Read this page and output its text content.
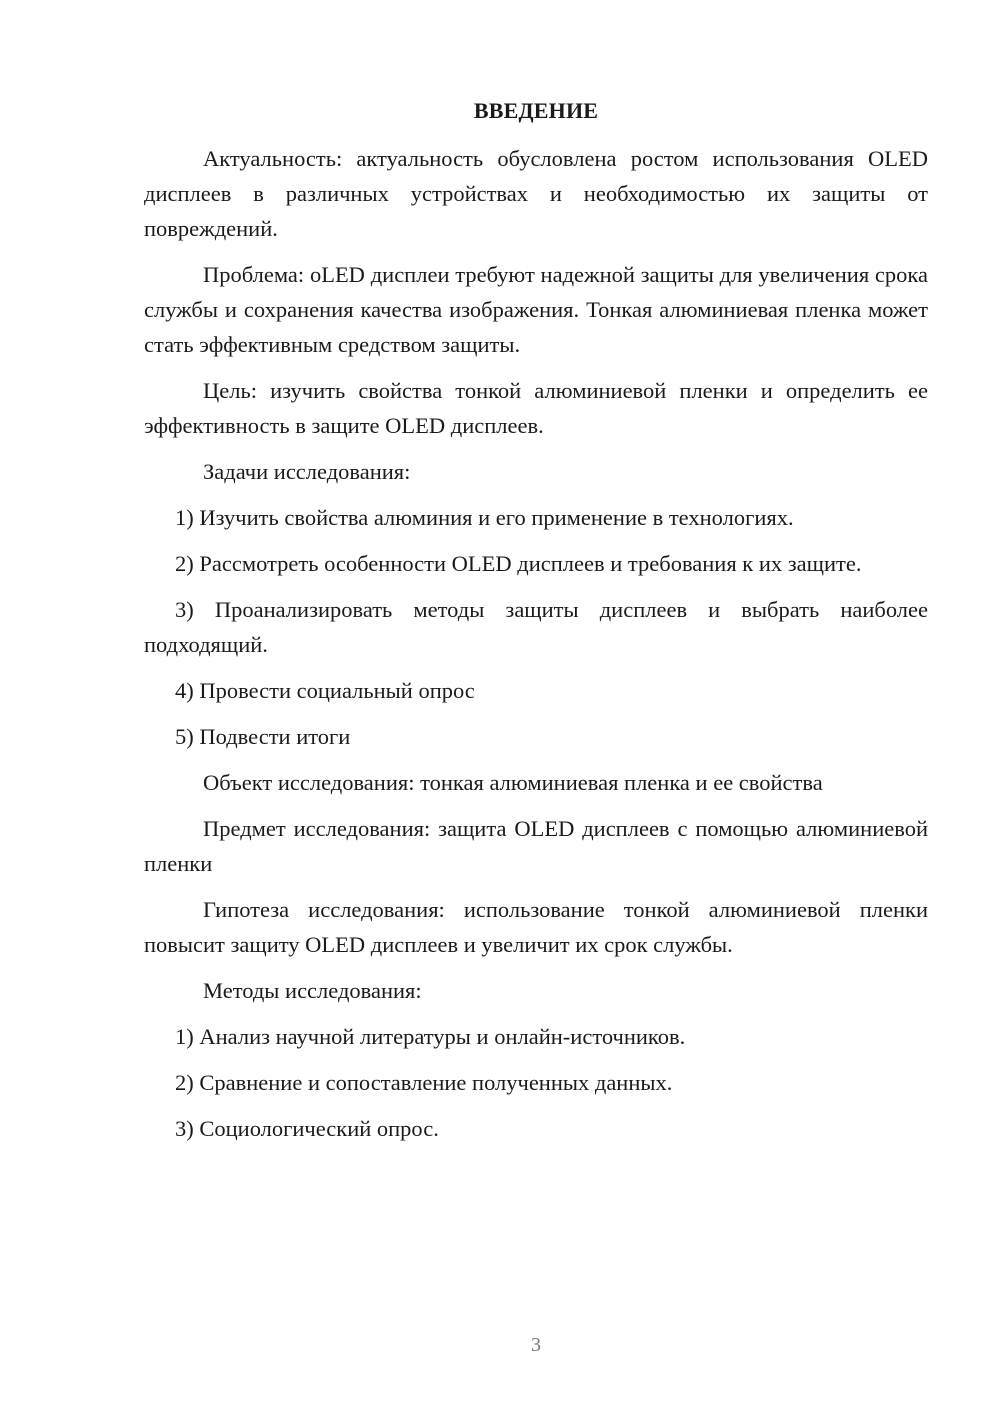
ВВЕДЕНИЕ

Актуальность: актуальность обусловлена ростом использования OLED дисплеев в различных устройствах и необходимостью их защиты от повреждений.

Проблема: oLED дисплеи требуют надежной защиты для увеличения срока службы и сохранения качества изображения. Тонкая алюминиевая пленка может стать эффективным средством защиты.

Цель: изучить свойства тонкой алюминиевой пленки и определить ее эффективность в защите OLED дисплеев.

Задачи исследования:

1) Изучить свойства алюминия и его применение в технологиях.

2) Рассмотреть особенности OLED дисплеев и требования к их защите.

3) Проанализировать методы защиты дисплеев и выбрать наиболее подходящий.

4) Провести социальный опрос

5) Подвести итоги

Объект исследования: тонкая алюминиевая пленка и ее свойства

Предмет исследования: защита OLED дисплеев с помощью алюминиевой пленки

Гипотеза исследования: использование тонкой алюминиевой пленки повысит защиту OLED дисплеев и увеличит их срок службы.

Методы исследования:

1) Анализ научной литературы и онлайн-источников.

2) Сравнение и сопоставление полученных данных.

3) Социологический опрос.

3
